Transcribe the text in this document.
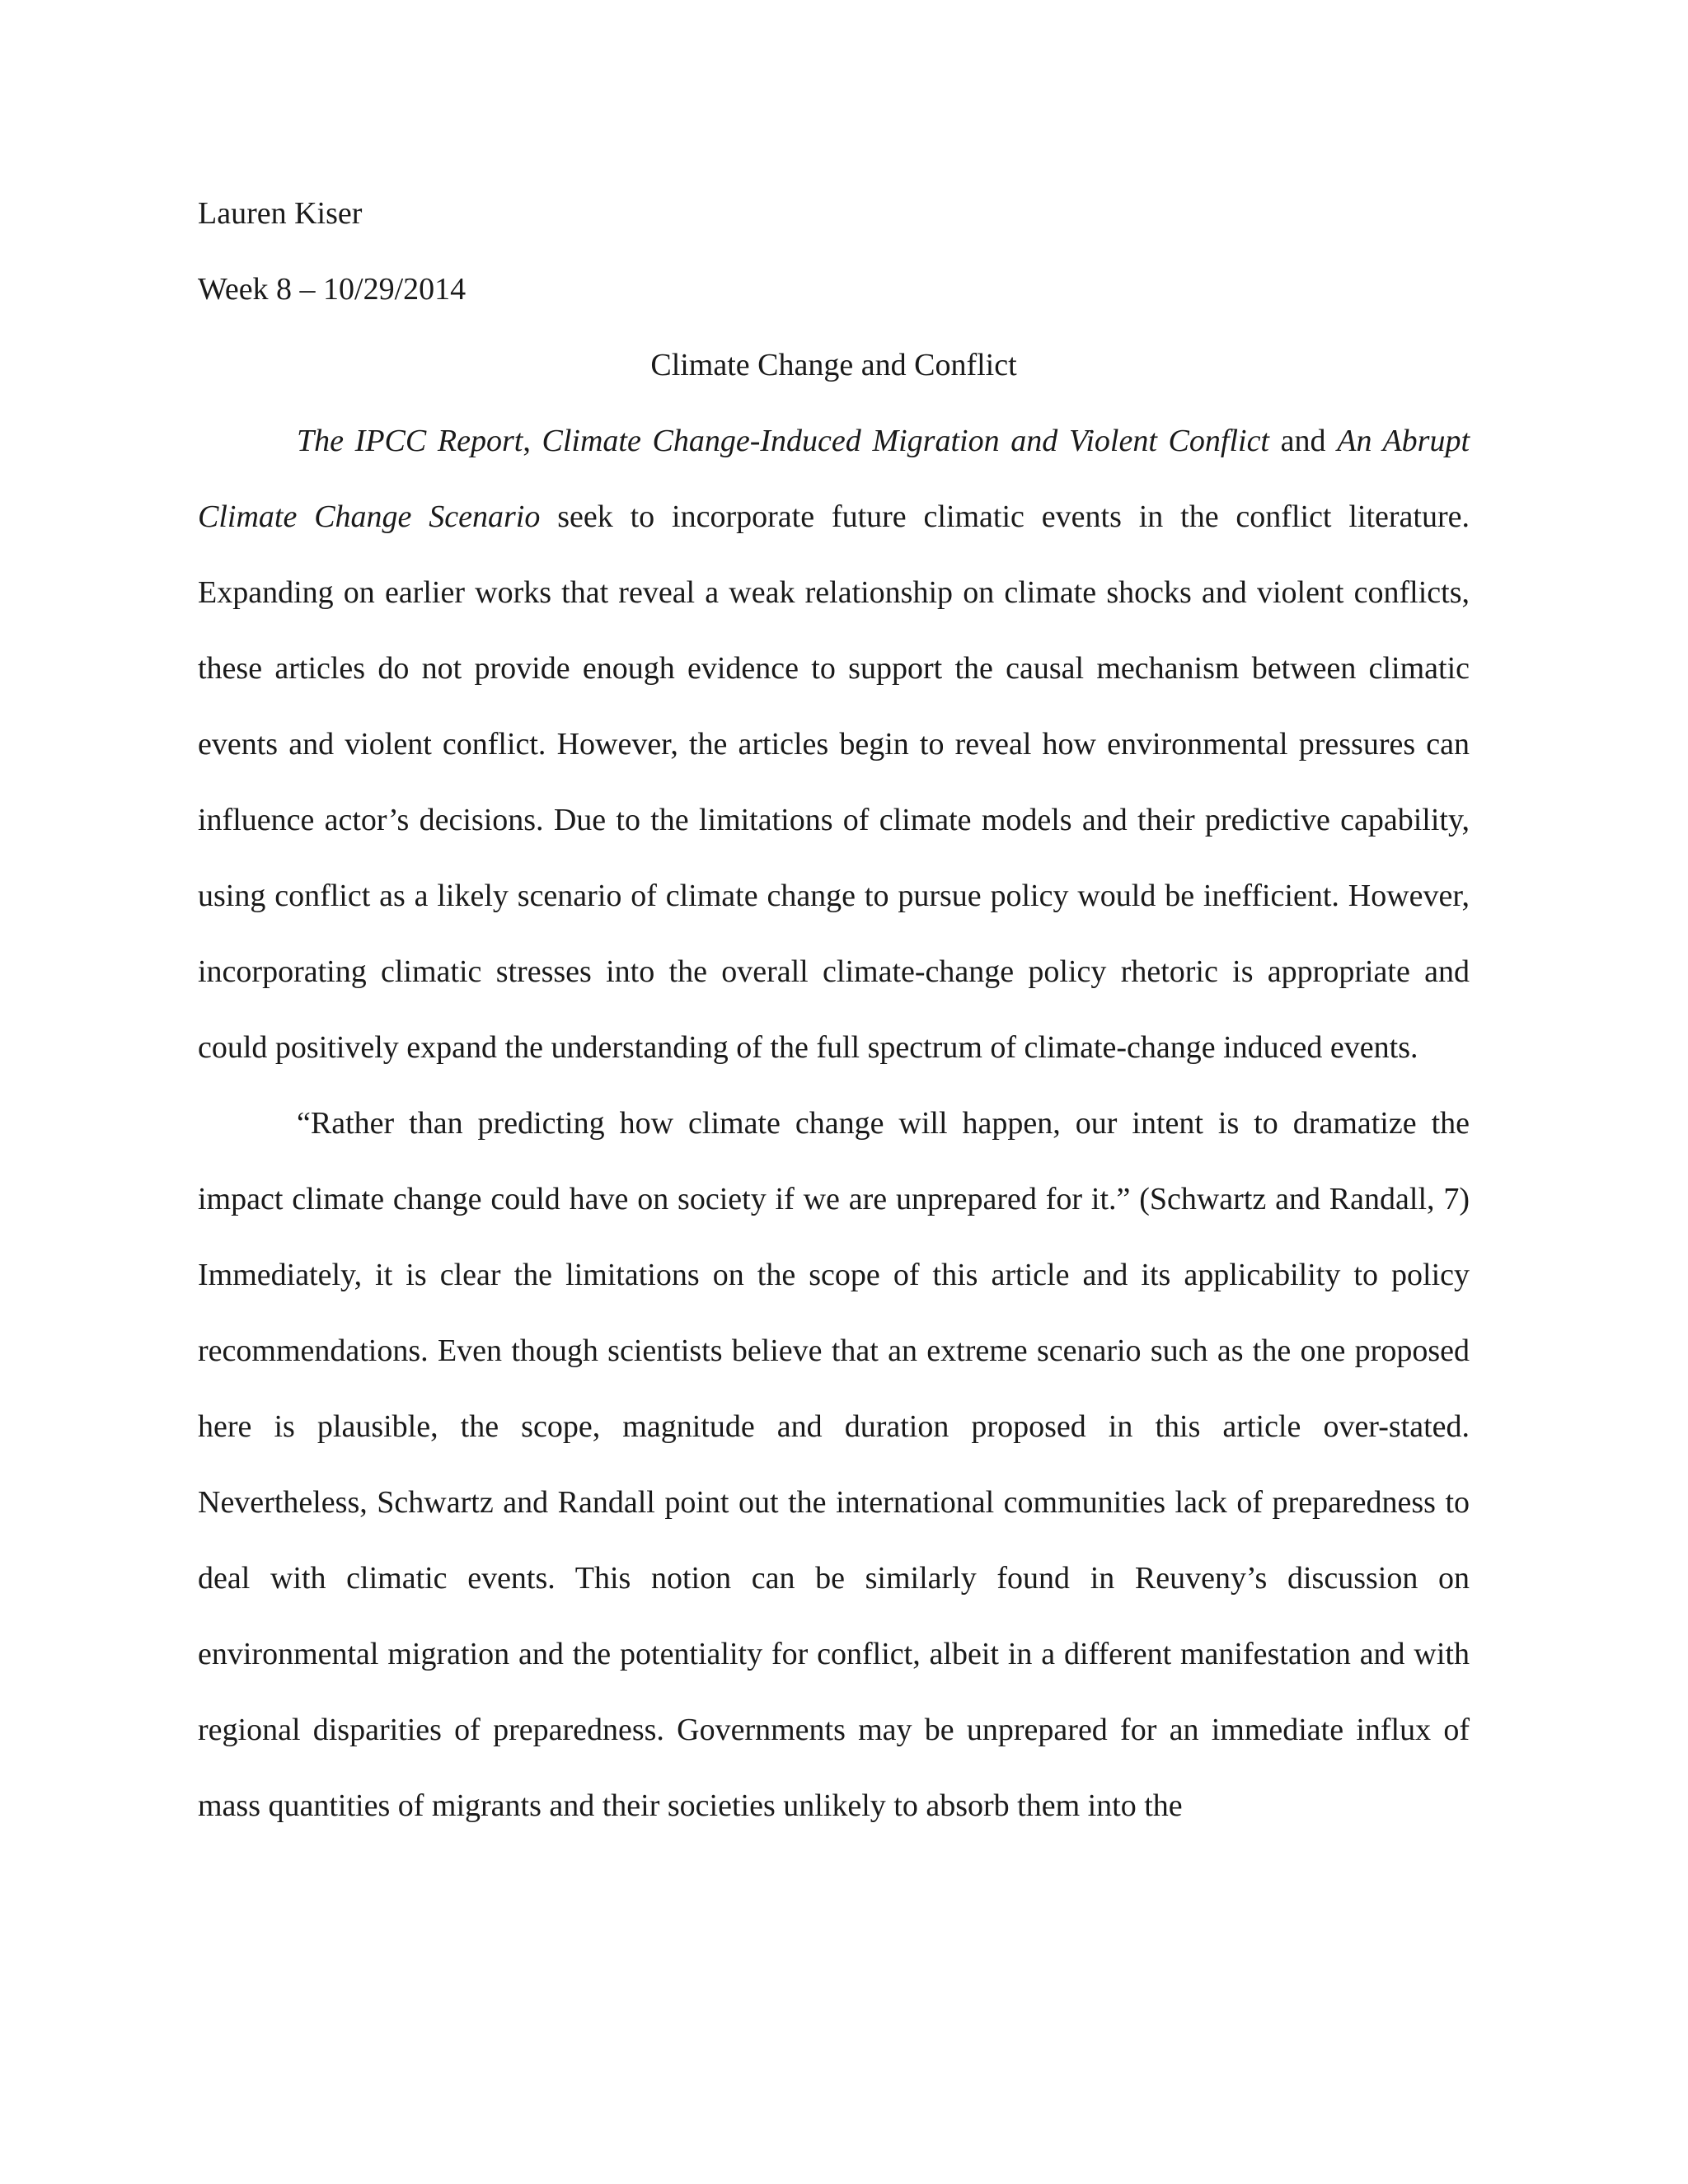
Lauren Kiser

Week 8 – 10/29/2014

Climate Change and Conflict

The IPCC Report, Climate Change-Induced Migration and Violent Conflict and An Abrupt Climate Change Scenario seek to incorporate future climatic events in the conflict literature. Expanding on earlier works that reveal a weak relationship on climate shocks and violent conflicts, these articles do not provide enough evidence to support the causal mechanism between climatic events and violent conflict. However, the articles begin to reveal how environmental pressures can influence actor’s decisions. Due to the limitations of climate models and their predictive capability, using conflict as a likely scenario of climate change to pursue policy would be inefficient. However, incorporating climatic stresses into the overall climate-change policy rhetoric is appropriate and could positively expand the understanding of the full spectrum of climate-change induced events.

“Rather than predicting how climate change will happen, our intent is to dramatize the impact climate change could have on society if we are unprepared for it.” (Schwartz and Randall, 7) Immediately, it is clear the limitations on the scope of this article and its applicability to policy recommendations. Even though scientists believe that an extreme scenario such as the one proposed here is plausible, the scope, magnitude and duration proposed in this article over-stated. Nevertheless, Schwartz and Randall point out the international communities lack of preparedness to deal with climatic events. This notion can be similarly found in Reuveny’s discussion on environmental migration and the potentiality for conflict, albeit in a different manifestation and with regional disparities of preparedness. Governments may be unprepared for an immediate influx of mass quantities of migrants and their societies unlikely to absorb them into the
